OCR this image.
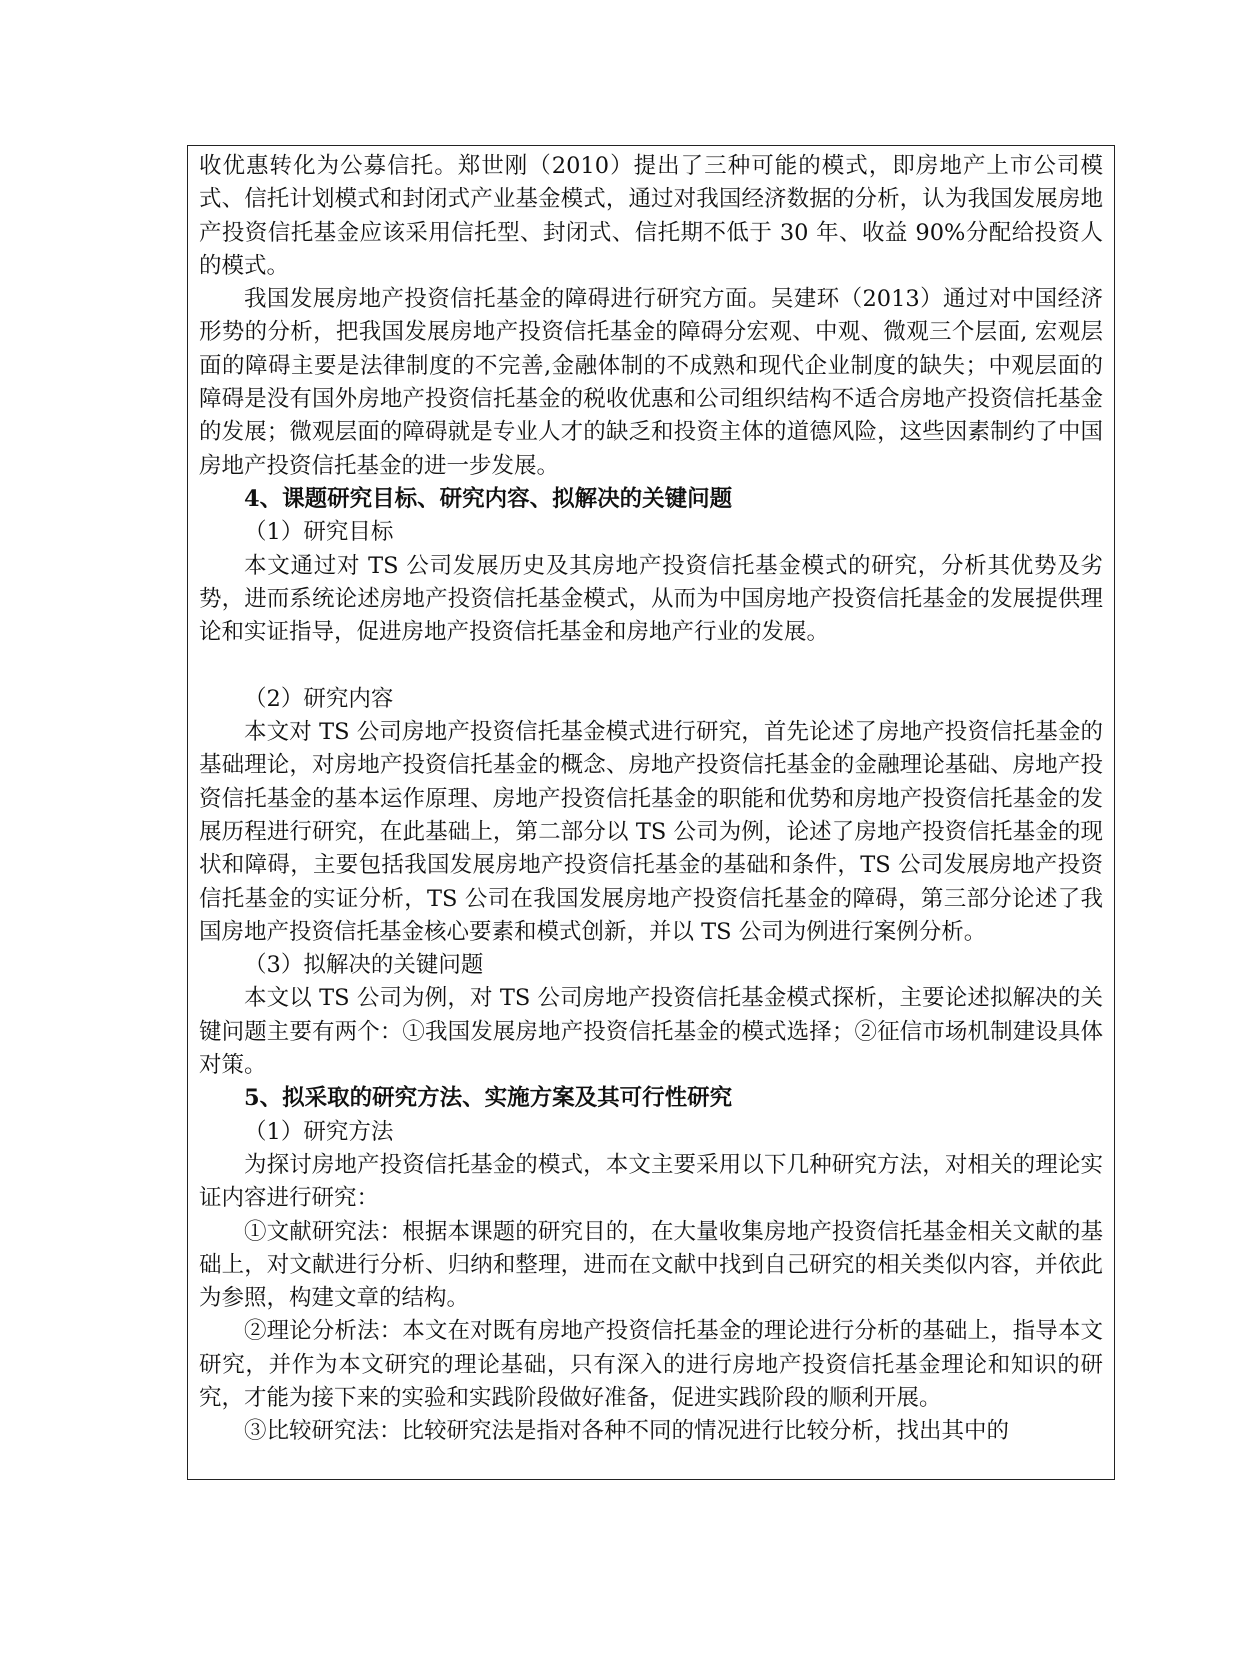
收优惠转化为公募信托。郑世刚（2010）提出了三种可能的模式，即房地产上市公司模式、信托计划模式和封闭式产业基金模式，通过对我国经济数据的分析，认为我国发展房地产投资信托基金应该采用信托型、封闭式、信托期不低于 30 年、收益 90%分配给投资人的模式。

我国发展房地产投资信托基金的障碍进行研究方面。吴建环（2013）通过对中国经济形势的分析，把我国发展房地产投资信托基金的障碍分宏观、中观、微观三个层面, 宏观层面的障碍主要是法律制度的不完善,金融体制的不成熟和现代企业制度的缺失；中观层面的障碍是没有国外房地产投资信托基金的税收优惠和公司组织结构不适合房地产投资信托基金的发展；微观层面的障碍就是专业人才的缺乏和投资主体的道德风险，这些因素制约了中国房地产投资信托基金的进一步发展。

4、课题研究目标、研究内容、拟解决的关键问题

（1）研究目标

本文通过对 TS 公司发展历史及其房地产投资信托基金模式的研究，分析其优势及劣势，进而系统论述房地产投资信托基金模式，从而为中国房地产投资信托基金的发展提供理论和实证指导，促进房地产投资信托基金和房地产行业的发展。

（2）研究内容

本文对 TS 公司房地产投资信托基金模式进行研究，首先论述了房地产投资信托基金的基础理论，对房地产投资信托基金的概念、房地产投资信托基金的金融理论基础、房地产投资信托基金的基本运作原理、房地产投资信托基金的职能和优势和房地产投资信托基金的发展历程进行研究，在此基础上，第二部分以 TS 公司为例，论述了房地产投资信托基金的现状和障碍，主要包括我国发展房地产投资信托基金的基础和条件，TS 公司发展房地产投资信托基金的实证分析，TS 公司在我国发展房地产投资信托基金的障碍，第三部分论述了我国房地产投资信托基金核心要素和模式创新，并以 TS 公司为例进行案例分析。

（3）拟解决的关键问题

本文以 TS 公司为例，对 TS 公司房地产投资信托基金模式探析，主要论述拟解决的关键问题主要有两个：①我国发展房地产投资信托基金的模式选择；②征信市场机制建设具体对策。

5、拟采取的研究方法、实施方案及其可行性研究

（1）研究方法

为探讨房地产投资信托基金的模式，本文主要采用以下几种研究方法，对相关的理论实证内容进行研究：

①文献研究法：根据本课题的研究目的，在大量收集房地产投资信托基金相关文献的基础上，对文献进行分析、归纳和整理，进而在文献中找到自己研究的相关类似内容，并依此为参照，构建文章的结构。

②理论分析法：本文在对既有房地产投资信托基金的理论进行分析的基础上，指导本文研究，并作为本文研究的理论基础，只有深入的进行房地产投资信托基金理论和知识的研究，才能为接下来的实验和实践阶段做好准备，促进实践阶段的顺利开展。

③比较研究法：比较研究法是指对各种不同的情况进行比较分析，找出其中的
